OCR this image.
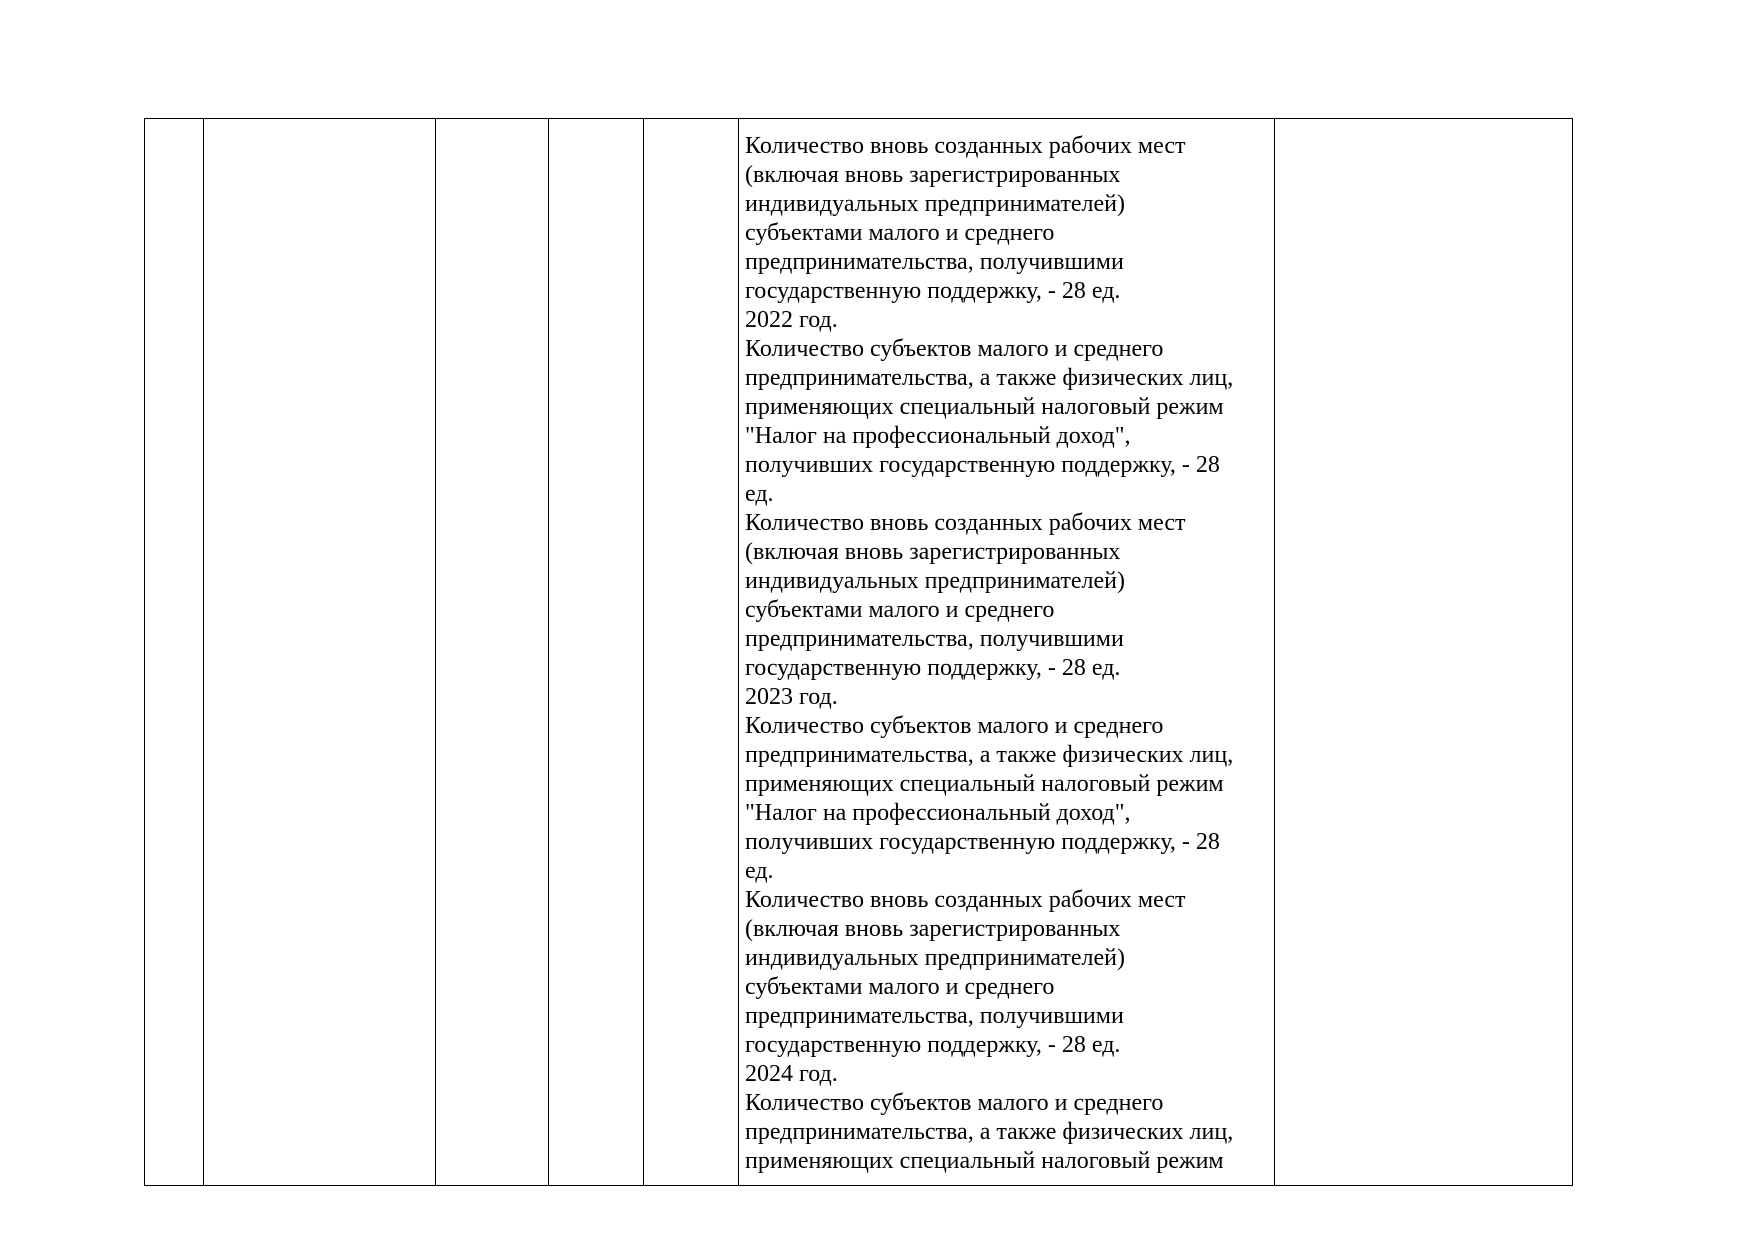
Количество вновь созданных рабочих мест
(включая вновь зарегистрированных
индивидуальных предпринимателей)
субъектами малого и среднего
предпринимательства, получившими
государственную поддержку, - 28 ед.
2022 год.
Количество субъектов малого и среднего
предпринимательства, а также физических лиц,
применяющих специальный налоговый режим
"Налог на профессиональный доход",
получивших государственную поддержку, - 28
ед.
Количество вновь созданных рабочих мест
(включая вновь зарегистрированных
индивидуальных предпринимателей)
субъектами малого и среднего
предпринимательства, получившими
государственную поддержку, - 28 ед.
2023 год.
Количество субъектов малого и среднего
предпринимательства, а также физических лиц,
применяющих специальный налоговый режим
"Налог на профессиональный доход",
получивших государственную поддержку, - 28
ед.
Количество вновь созданных рабочих мест
(включая вновь зарегистрированных
индивидуальных предпринимателей)
субъектами малого и среднего
предпринимательства, получившими
государственную поддержку, - 28 ед.
2024 год.
Количество субъектов малого и среднего
предпринимательства, а также физических лиц,
применяющих специальный налоговый режим
